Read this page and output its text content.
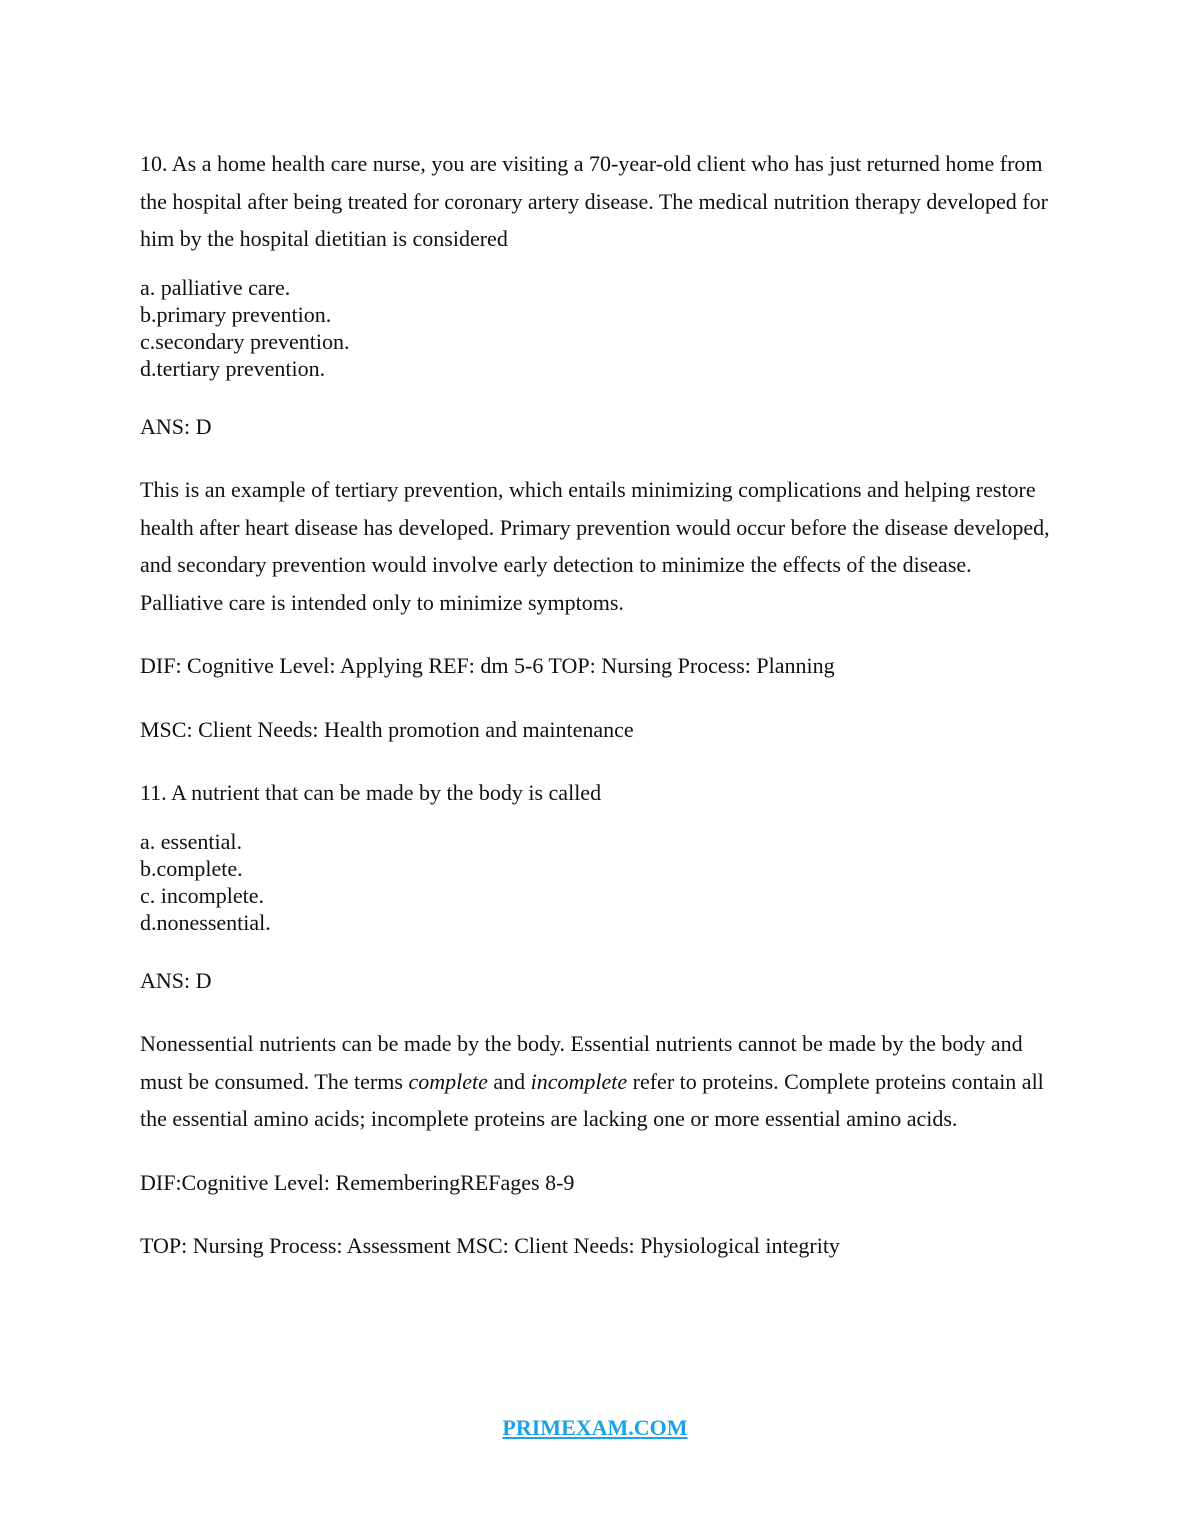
10. As a home health care nurse, you are visiting a 70-year-old client who has just returned home from the hospital after being treated for coronary artery disease. The medical nutrition therapy developed for him by the hospital dietitian is considered

a. palliative care.
b.primary prevention.
c.secondary prevention.
d.tertiary prevention.

ANS: D

This is an example of tertiary prevention, which entails minimizing complications and helping restore health after heart disease has developed. Primary prevention would occur before the disease developed, and secondary prevention would involve early detection to minimize the effects of the disease. Palliative care is intended only to minimize symptoms.

DIF: Cognitive Level: Applying REF: dm 5-6 TOP: Nursing Process: Planning

MSC: Client Needs: Health promotion and maintenance

11. A nutrient that can be made by the body is called

a. essential.
b.complete.
c. incomplete.
d.nonessential.

ANS: D

Nonessential nutrients can be made by the body. Essential nutrients cannot be made by the body and must be consumed. The terms complete and incomplete refer to proteins. Complete proteins contain all the essential amino acids; incomplete proteins are lacking one or more essential amino acids.

DIF:Cognitive Level: RememberingREFages 8-9

TOP: Nursing Process: Assessment MSC: Client Needs: Physiological integrity

PRIMEXAM.COM
